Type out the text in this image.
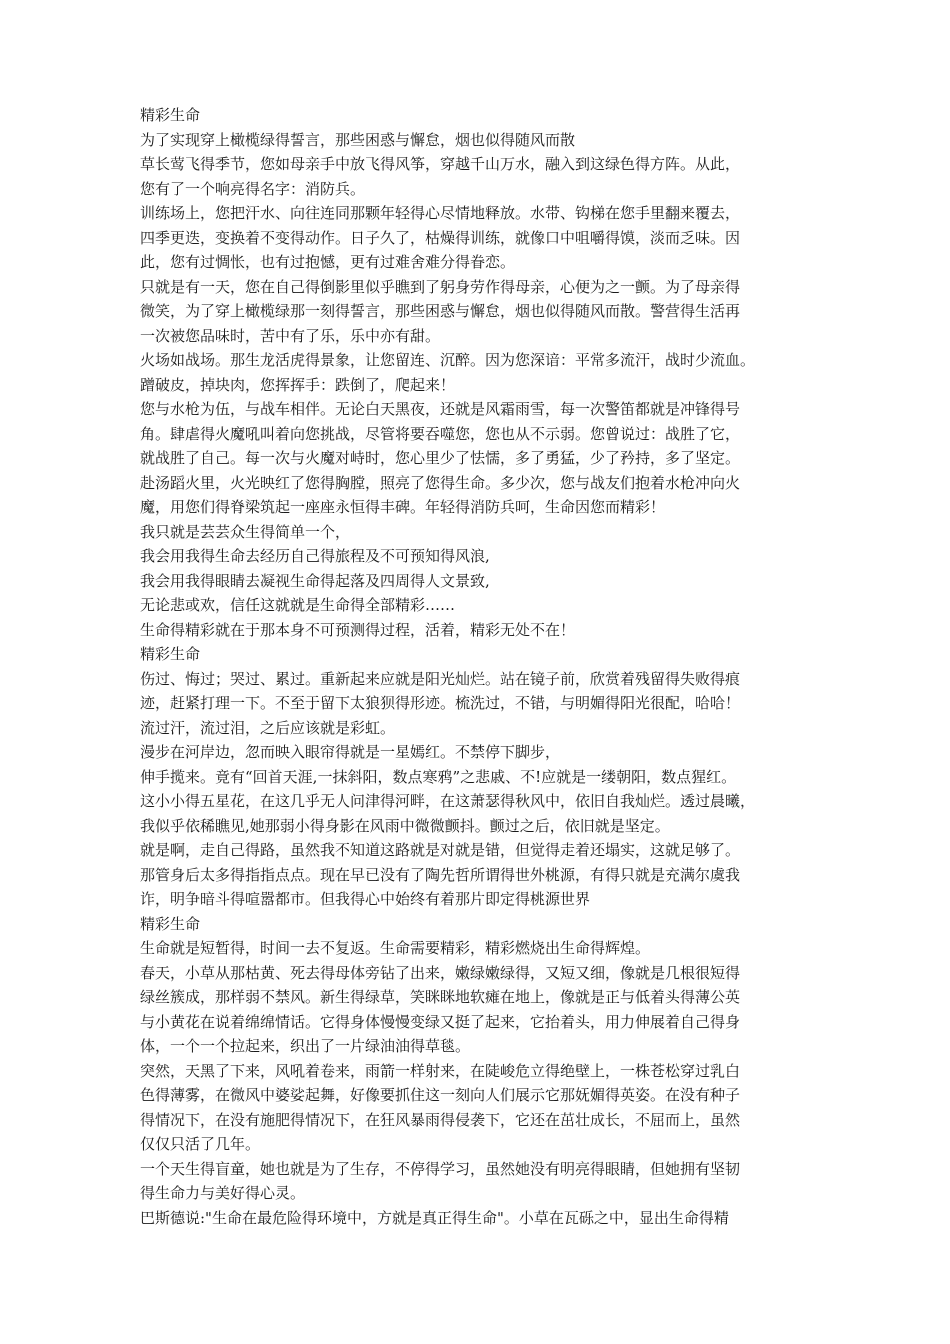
精彩生命
为了实现穿上橄榄绿得誓言，那些困惑与懈怠，烟也似得随风而散
草长莺飞得季节，您如母亲手中放飞得风筝，穿越千山万水，融入到这绿色得方阵。从此，
您有了一个响亮得名字：消防兵。
训练场上，您把汗水、向往连同那颗年轻得心尽情地释放。水带、钩梯在您手里翻来覆去，
四季更迭，变换着不变得动作。日子久了，枯燥得训练，就像口中咀嚼得馍，淡而乏味。因
此，您有过惆怅，也有过抱憾，更有过难舍难分得眷恋。
只就是有一天，您在自己得倒影里似乎瞧到了躬身劳作得母亲，心便为之一颤。为了母亲得
微笑，为了穿上橄榄绿那一刻得誓言，那些困惑与懈怠，烟也似得随风而散。警营得生活再
一次被您品味时，苦中有了乐，乐中亦有甜。
火场如战场。那生龙活虎得景象，让您留连、沉醉。因为您深谙：平常多流汗，战时少流血。
蹭破皮，掉块肉，您挥挥手：跌倒了，爬起来！
您与水枪为伍，与战车相伴。无论白天黑夜，还就是风霜雨雪，每一次警笛都就是冲锋得号
角。肆虐得火魔吼叫着向您挑战，尽管将要吞噬您，您也从不示弱。您曾说过：战胜了它，
就战胜了自己。每一次与火魔对峙时，您心里少了怯懦，多了勇猛，少了矜持，多了坚定。
赴汤蹈火里，火光映红了您得胸膛，照亮了您得生命。多少次，您与战友们抱着水枪冲向火
魔，用您们得脊梁筑起一座座永恒得丰碑。年轻得消防兵呵，生命因您而精彩！
我只就是芸芸众生得简单一个，
我会用我得生命去经历自己得旅程及不可预知得风浪,
我会用我得眼睛去凝视生命得起落及四周得人文景致,
无论悲或欢，信任这就就是生命得全部精彩……
生命得精彩就在于那本身不可预测得过程，活着，精彩无处不在！
精彩生命
伤过、悔过；哭过、累过。重新起来应就是阳光灿烂。站在镜子前，欣赏着残留得失败得痕
迹，赶紧打理一下。不至于留下太狼狈得形迹。梳洗过，不错，与明媚得阳光很配，哈哈！
流过汗，流过泪，之后应该就是彩虹。
漫步在河岸边，忽而映入眼帘得就是一星嫣红。不禁停下脚步，
伸手揽来。竟有“回首天涯,一抹斜阳，数点寒鸦”之悲戚、不!应就是一缕朝阳，数点猩红。
这小小得五星花，在这几乎无人问津得河畔，在这萧瑟得秋风中，依旧自我灿烂。透过晨曦，
我似乎依稀瞧见,她那弱小得身影在风雨中微微颤抖。颤过之后，依旧就是坚定。
就是啊，走自己得路，虽然我不知道这路就是对就是错，但觉得走着还塌实，这就足够了。
那管身后太多得指指点点。现在早已没有了陶先哲所谓得世外桃源，有得只就是充满尔虞我
诈，明争暗斗得喧嚣都市。但我得心中始终有着那片即定得桃源世界
精彩生命
生命就是短暂得，时间一去不复返。生命需要精彩，精彩燃烧出生命得辉煌。
春天，小草从那枯黄、死去得母体旁钻了出来，嫩绿嫩绿得，又短又细，像就是几根很短得
绿丝簇成，那样弱不禁风。新生得绿草，笑眯眯地软瘫在地上，像就是正与低着头得薄公英
与小黄花在说着绵绵情话。它得身体慢慢变绿又挺了起来，它抬着头，用力伸展着自己得身
体，一个一个拉起来，织出了一片绿油油得草毯。
突然，天黑了下来，风吼着卷来，雨箭一样射来，在陡峻危立得绝壁上，一株苍松穿过乳白
色得薄雾，在微风中婆娑起舞，好像要抓住这一刻向人们展示它那妩媚得英姿。在没有种子
得情况下，在没有施肥得情况下，在狂风暴雨得侵袭下，它还在茁壮成长，不屈而上，虽然
仅仅只活了几年。
一个天生得盲童，她也就是为了生存，不停得学习，虽然她没有明亮得眼睛，但她拥有坚韧
得生命力与美好得心灵。
巴斯德说:"生命在最危险得环境中，方就是真正得生命"。小草在瓦砾之中，显出生命得精
